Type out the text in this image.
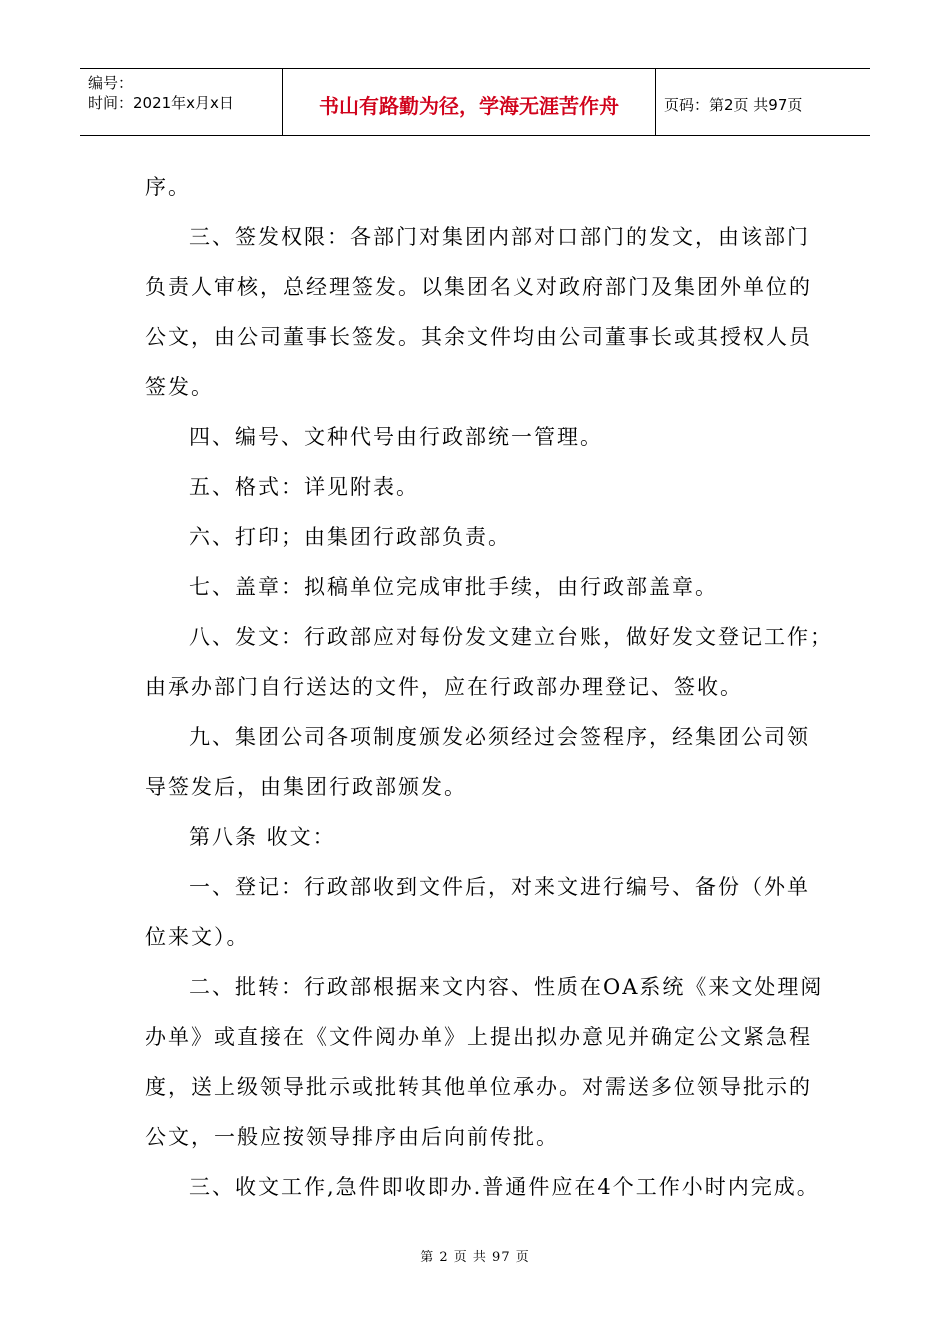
编号：
时间：2021年x月x日	书山有路勤为径，学海无涯苦作舟	页码：第2页 共97页

序。

三、签发权限：各部门对集团内部对口部门的发文，由该部门

负责人审核，总经理签发。以集团名义对政府部门及集团外单位的

公文，由公司董事长签发。其余文件均由公司董事长或其授权人员

签发。

四、编号、文种代号由行政部统一管理。

五、格式：详见附表。

六、打印；由集团行政部负责。

七、盖章：拟稿单位完成审批手续，由行政部盖章。

八、发文：行政部应对每份发文建立台账，做好发文登记工作；

由承办部门自行送达的文件，应在行政部办理登记、签收。

九、集团公司各项制度颁发必须经过会签程序，经集团公司领

导签发后，由集团行政部颁发。

第八条 收文：

一、登记：行政部收到文件后，对来文进行编号、备份（外单

位来文）。

二、批转：行政部根据来文内容、性质在OA系统《来文处理阅

办单》或直接在《文件阅办单》上提出拟办意见并确定公文紧急程

度，送上级领导批示或批转其他单位承办。对需送多位领导批示的

公文，一般应按领导排序由后向前传批。

三、收文工作,急件即收即办.普通件应在4个工作小时内完成。

第 2 页 共 97 页
